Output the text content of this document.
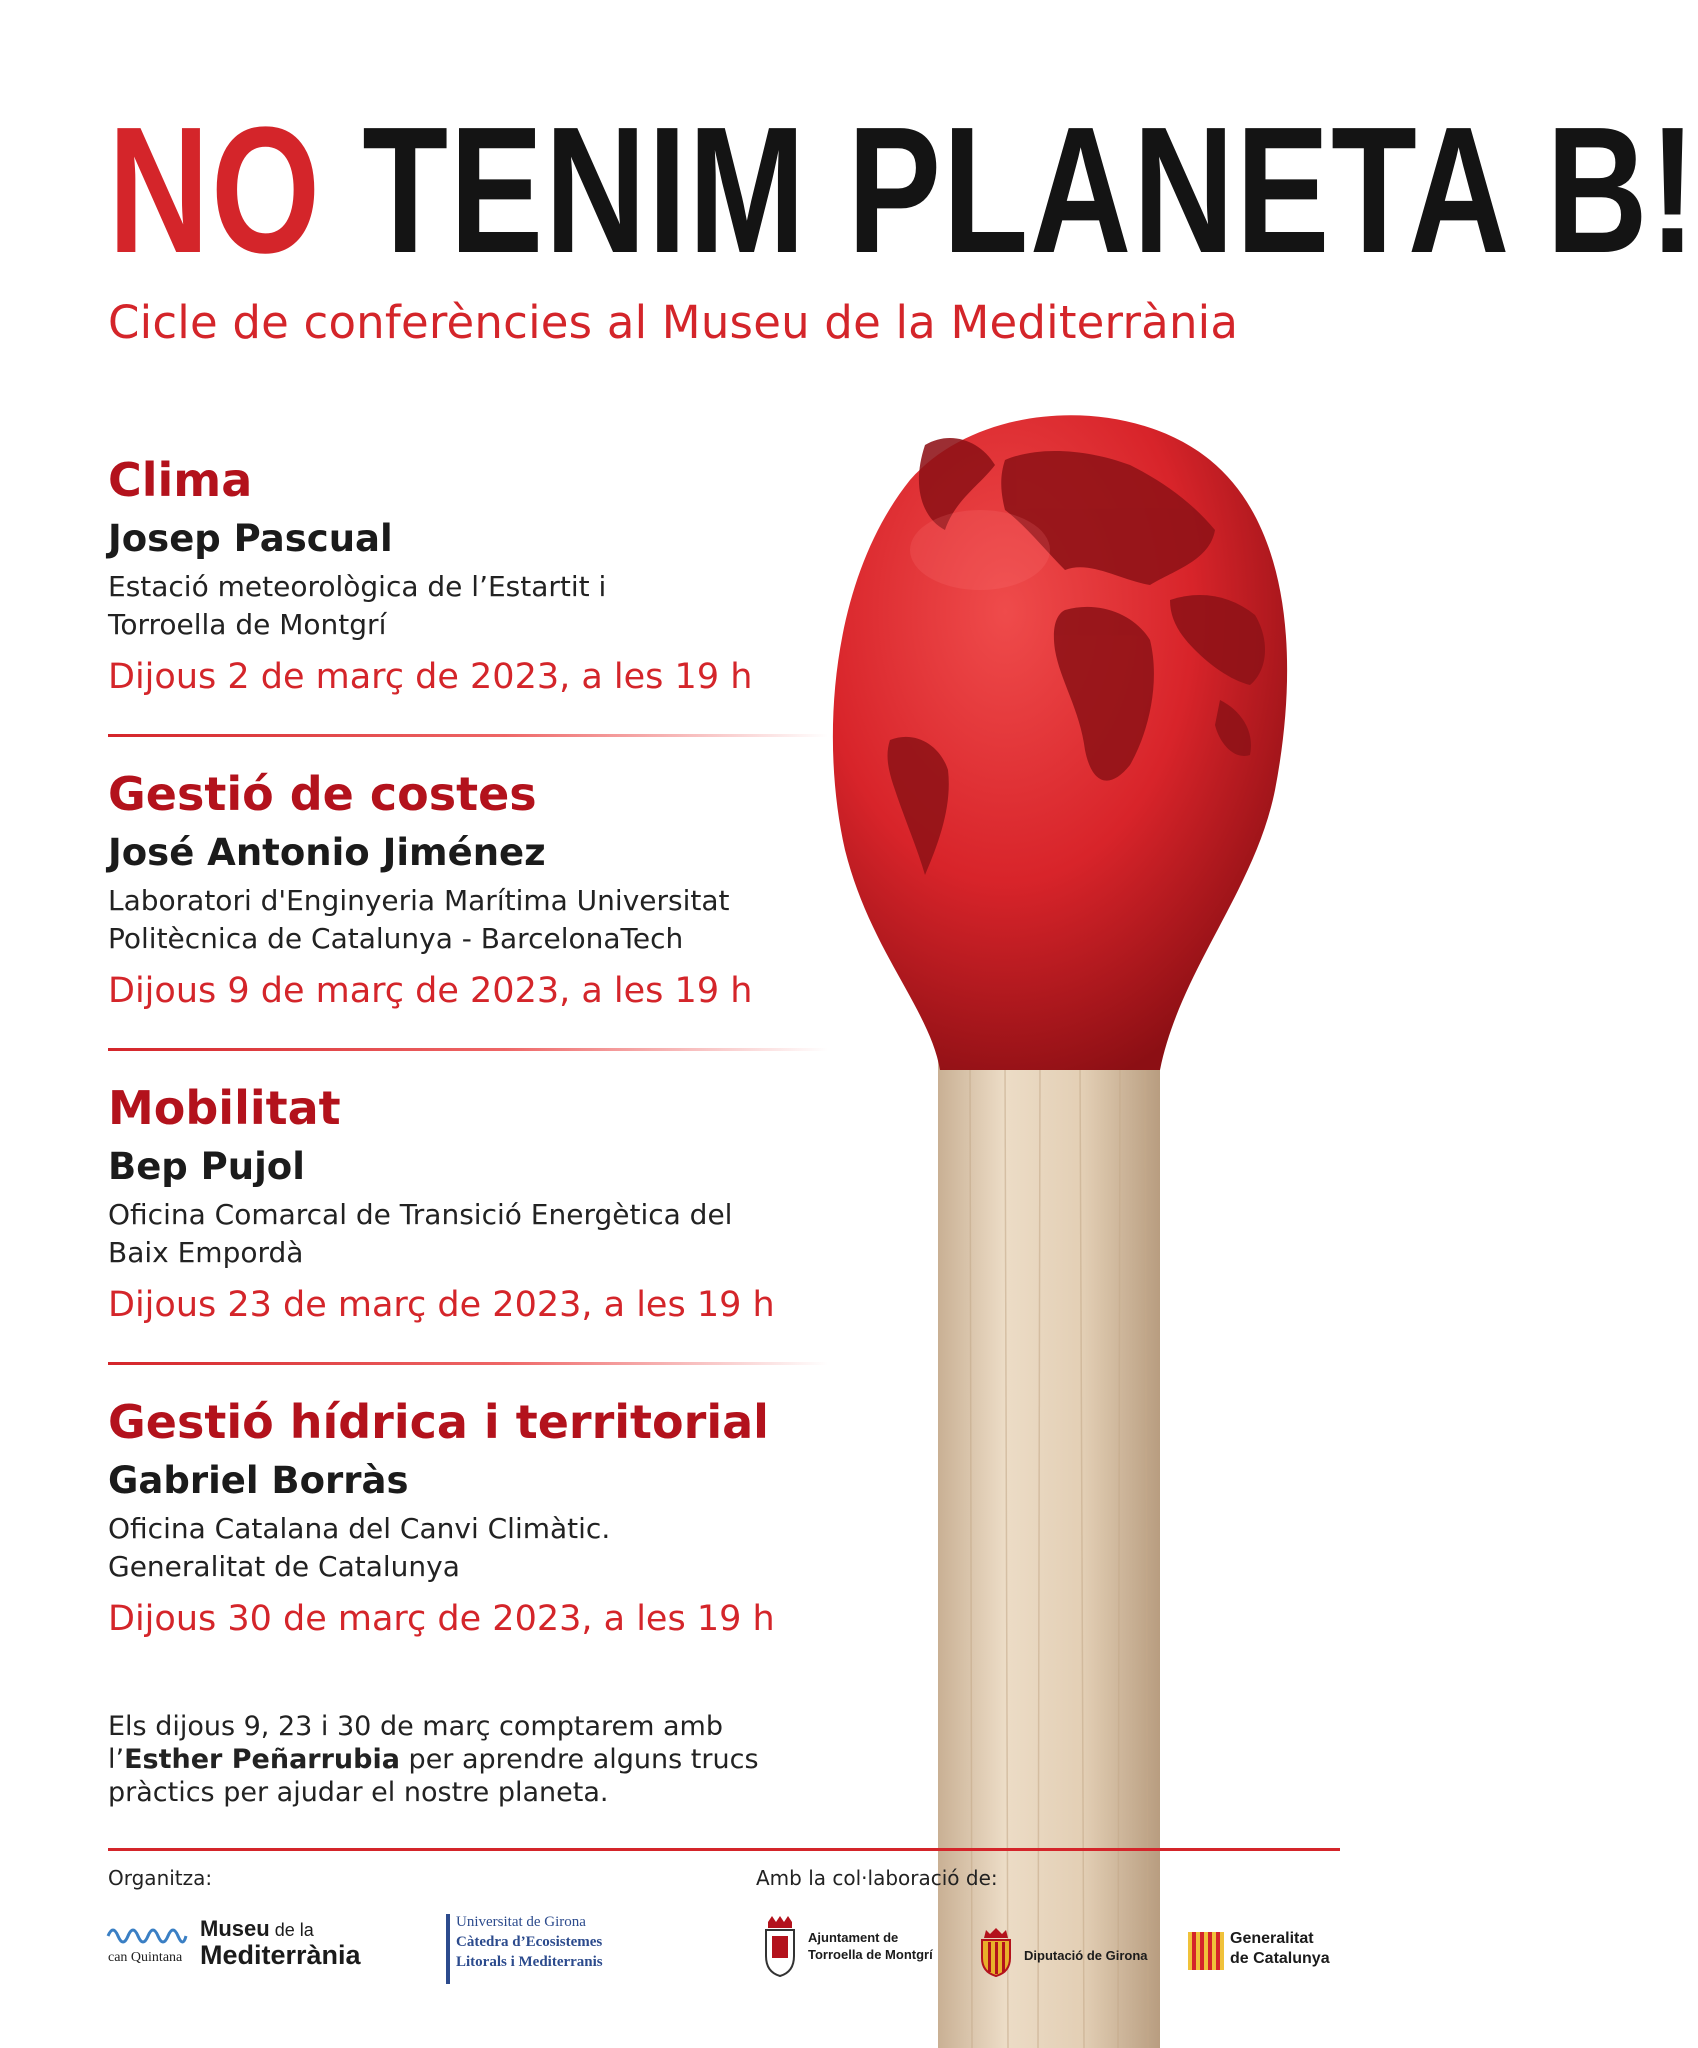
NO TENIM PLANETA B!
Cicle de conferències al Museu de la Mediterrània
Clima
Josep Pascual
Estació meteorològica de l’Estartit i
Torroella de Montgrí
Dijous 2 de març de 2023, a les 19 h
Gestió de costes
José Antonio Jiménez
Laboratori d'Enginyeria Marítima Universitat
Politècnica de Catalunya - BarcelonaTech
Dijous 9 de març de 2023, a les 19 h
Mobilitat
Bep Pujol
Oficina Comarcal de Transició Energètica del
Baix Empordà
Dijous 23 de març de 2023, a les 19 h
Gestió hídrica i territorial
Gabriel Borràs
Oficina Catalana del Canvi Climàtic.
Generalitat de Catalunya
Dijous 30 de març de 2023, a les 19 h
Els dijous 9, 23 i 30 de març comptarem amb
l’Esther Peñarrubia per aprendre alguns trucs
pràctics per ajudar el nostre planeta.
Organitza:	Amb la col·laboració de:
can Quintana
Museu de la
Mediterrània
Universitat de Girona
Càtedra d’Ecosistemes
Litorals i Mediterranis
Ajuntament de
Torroella de Montgrí	Diputació de Girona
Generalitat
de Catalunya
